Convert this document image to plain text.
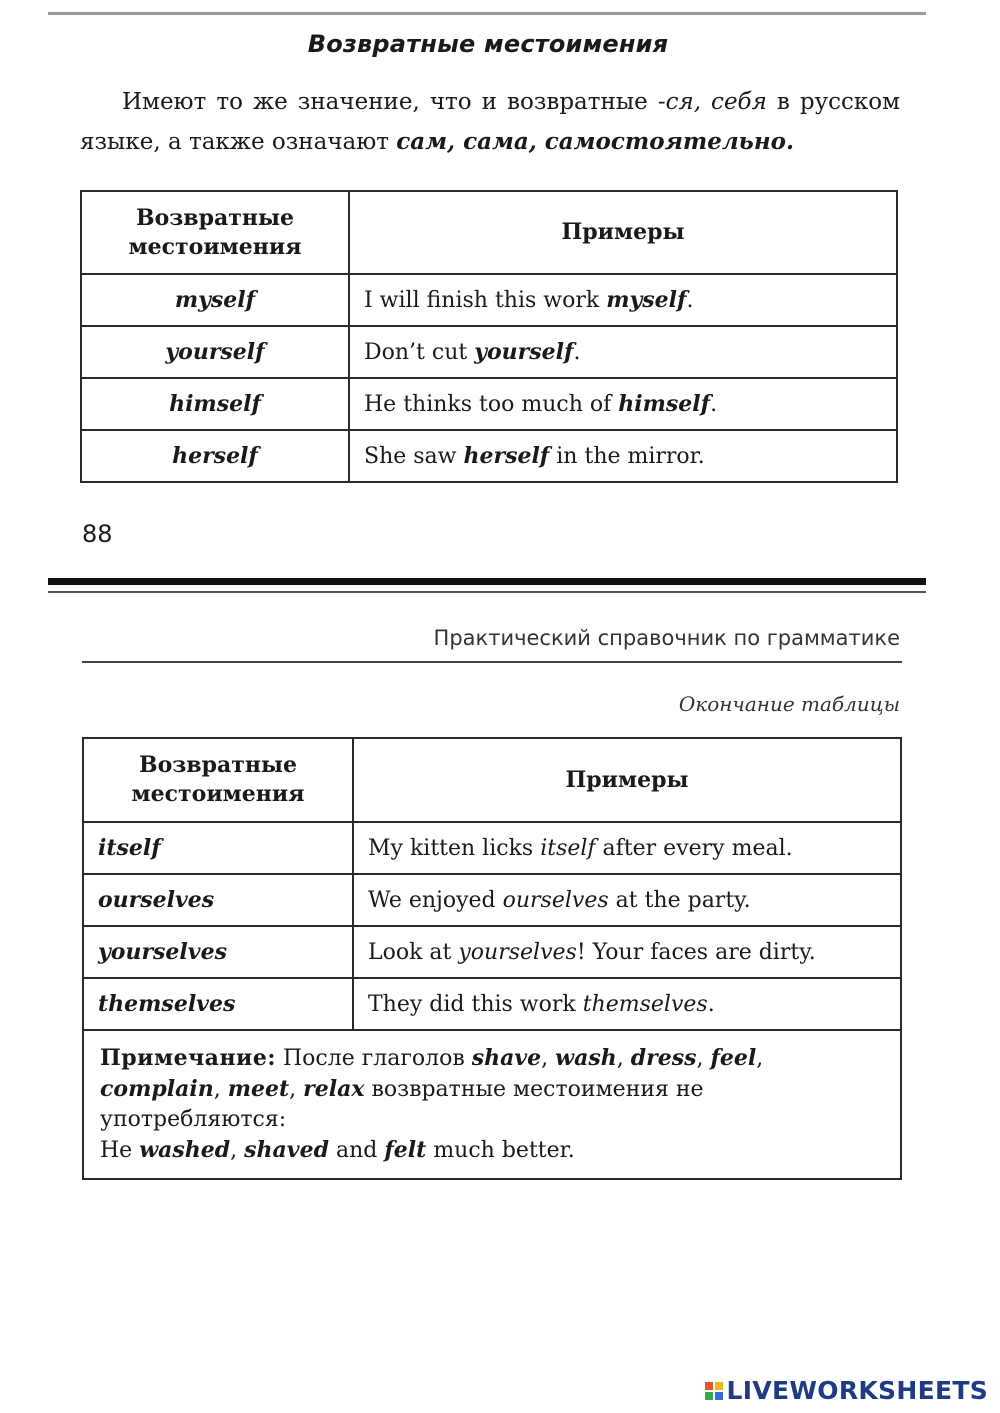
Возвратные местоимения
Имеют то же значение, что и возвратные -ся, себя в русском языке, а также означают сам, сама, самостоятельно.
Возвратные местоимения	Примеры
myself	I will finish this work myself.
yourself	Don’t cut yourself.
himself	He thinks too much of himself.
herself	She saw herself in the mirror.
88
Практический справочник по грамматике
Окончание таблицы
Возвратные местоимения	Примеры
itself	My kitten licks itself after every meal.
ourselves	We enjoyed ourselves at the party.
yourselves	Look at yourselves! Your faces are dirty.
themselves	They did this work themselves.
Примечание: После глаголов shave, wash, dress, feel, complain, meet, relax возвратные местоимения не употребляются:
He washed, shaved and felt much better.	
LIVEWORKSHEETS
